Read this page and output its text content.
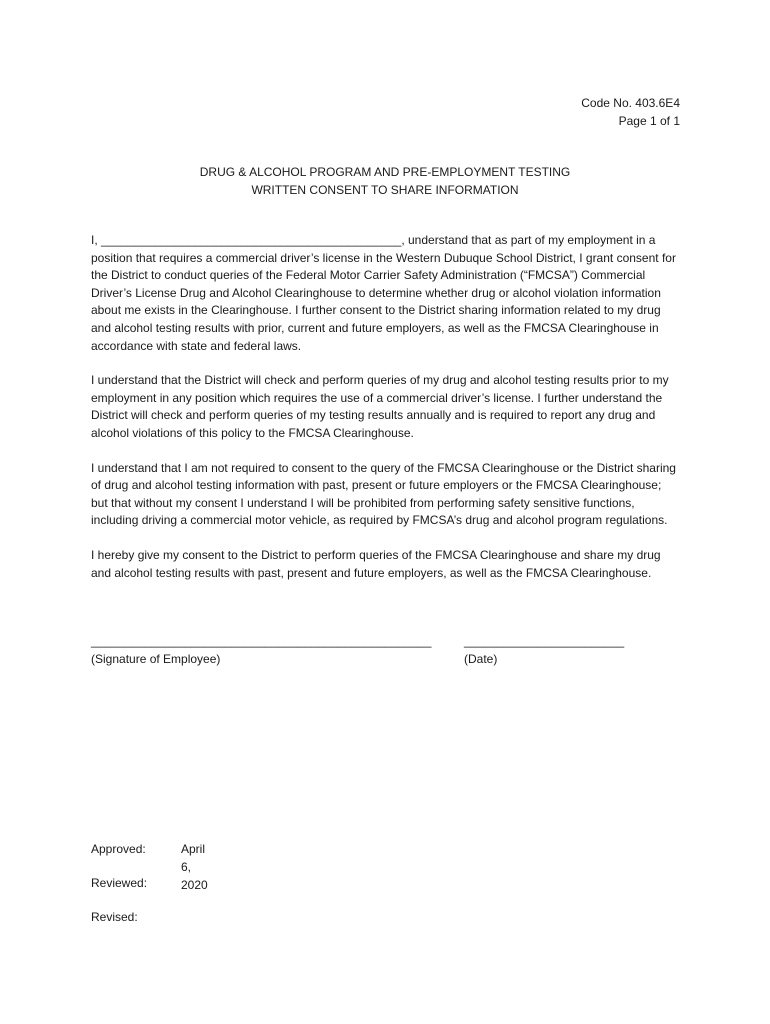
Code No. 403.6E4
Page 1 of 1
DRUG & ALCOHOL PROGRAM AND PRE-EMPLOYMENT TESTING
WRITTEN CONSENT TO SHARE INFORMATION

I, _____________________________________________, understand that as part of my employment in a position that requires a commercial driver’s license in the Western Dubuque School District, I grant consent for the District to conduct queries of the Federal Motor Carrier Safety Administration (“FMCSA”) Commercial Driver’s License Drug and Alcohol Clearinghouse to determine whether drug or alcohol violation information about me exists in the Clearinghouse. I further consent to the District sharing information related to my drug and alcohol testing results with prior, current and future employers, as well as the FMCSA Clearinghouse in accordance with state and federal laws.

I understand that the District will check and perform queries of my drug and alcohol testing results prior to my employment in any position which requires the use of a commercial driver’s license. I further understand the District will check and perform queries of my testing results annually and is required to report any drug and alcohol violations of this policy to the FMCSA Clearinghouse.

I understand that I am not required to consent to the query of the FMCSA Clearinghouse or the District sharing of drug and alcohol testing information with past, present or future employers or the FMCSA Clearinghouse; but that without my consent I understand I will be prohibited from performing safety sensitive functions, including driving a commercial motor vehicle, as required by FMCSA’s drug and alcohol program regulations.

I hereby give my consent to the District to perform queries of the FMCSA Clearinghouse and share my drug and alcohol testing results with past, present and future employers, as well as the FMCSA Clearinghouse.

___________________________________________________
(Signature of Employee)
________________________
(Date)
Approved:	April 6, 2020
Reviewed:
Revised:
